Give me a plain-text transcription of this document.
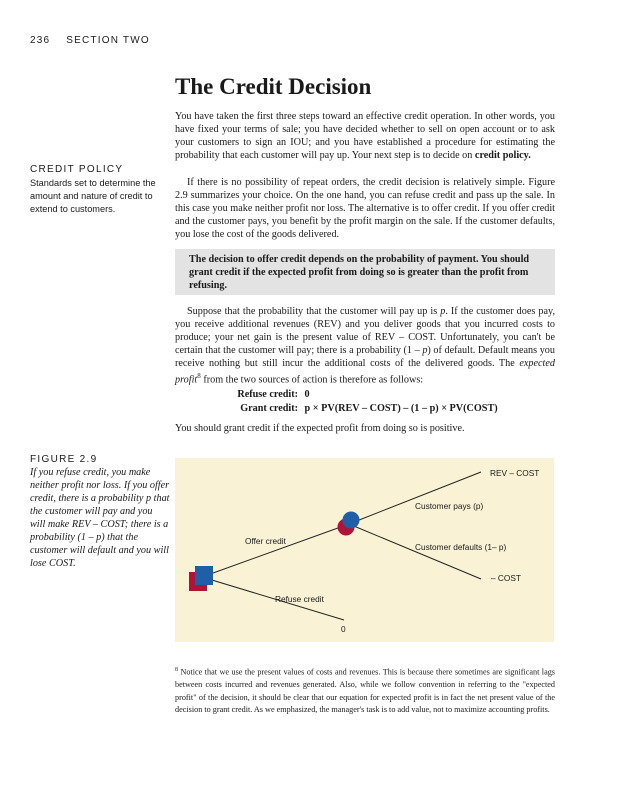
236 SECTION TWO
The Credit Decision

You have taken the first three steps toward an effective credit operation. In other words, you have fixed your terms of sale; you have decided whether to sell on open account or to ask your customers to sign an IOU; and you have established a procedure for estimating the probability that each customer will pay up. Your next step is to decide on credit policy.

If there is no possibility of repeat orders, the credit decision is relatively simple. Figure 2.9 summarizes your choice. On the one hand, you can refuse credit and pass up the sale. In this case you make neither profit nor loss. The alternative is to offer credit. If you offer credit and the customer pays, you benefit by the profit margin on the sale. If the customer defaults, you lose the cost of the goods delivered.

The decision to offer credit depends on the probability of payment. You should grant credit if the expected profit from doing so is greater than the profit from refusing.

Suppose that the probability that the customer will pay up is p. If the customer does pay, you receive additional revenues (REV) and you deliver goods that you incurred costs to produce; your net gain is the present value of REV – COST. Unfortunately, you can't be certain that the customer will pay; there is a probability (1 – p) of default. Default means you receive nothing but still incur the additional costs of the delivered goods. The expected profit$^8$ from the two sources of action is therefore as follows:

Refuse credit: 0
Grant credit: p × PV(REV – COST) – (1 – p) × PV(COST)

You should grant credit if the expected profit from doing so is positive.

CREDIT POLICY
Standards set to determine the amount and nature of credit to extend to customers.
FIGURE 2.9
If you refuse credit, you make neither profit nor loss. If you offer credit, there is a probability p that the customer will pay and you will make REV – COST; there is a probability (1 – p) that the customer will default and you will lose COST.
REV – COST
Customer pays (p)
Offer credit
Customer defaults (1– p)
– COST
Refuse credit
0

$^8$ Notice that we use the present values of costs and revenues. This is because there sometimes are significant lags between costs incurred and revenues generated. Also, while we follow convention in referring to the "expected profit" of the decision, it should be clear that our equation for expected profit is in fact the net present value of the decision to grant credit. As we emphasized, the manager's task is to add value, not to maximize accounting profits.
